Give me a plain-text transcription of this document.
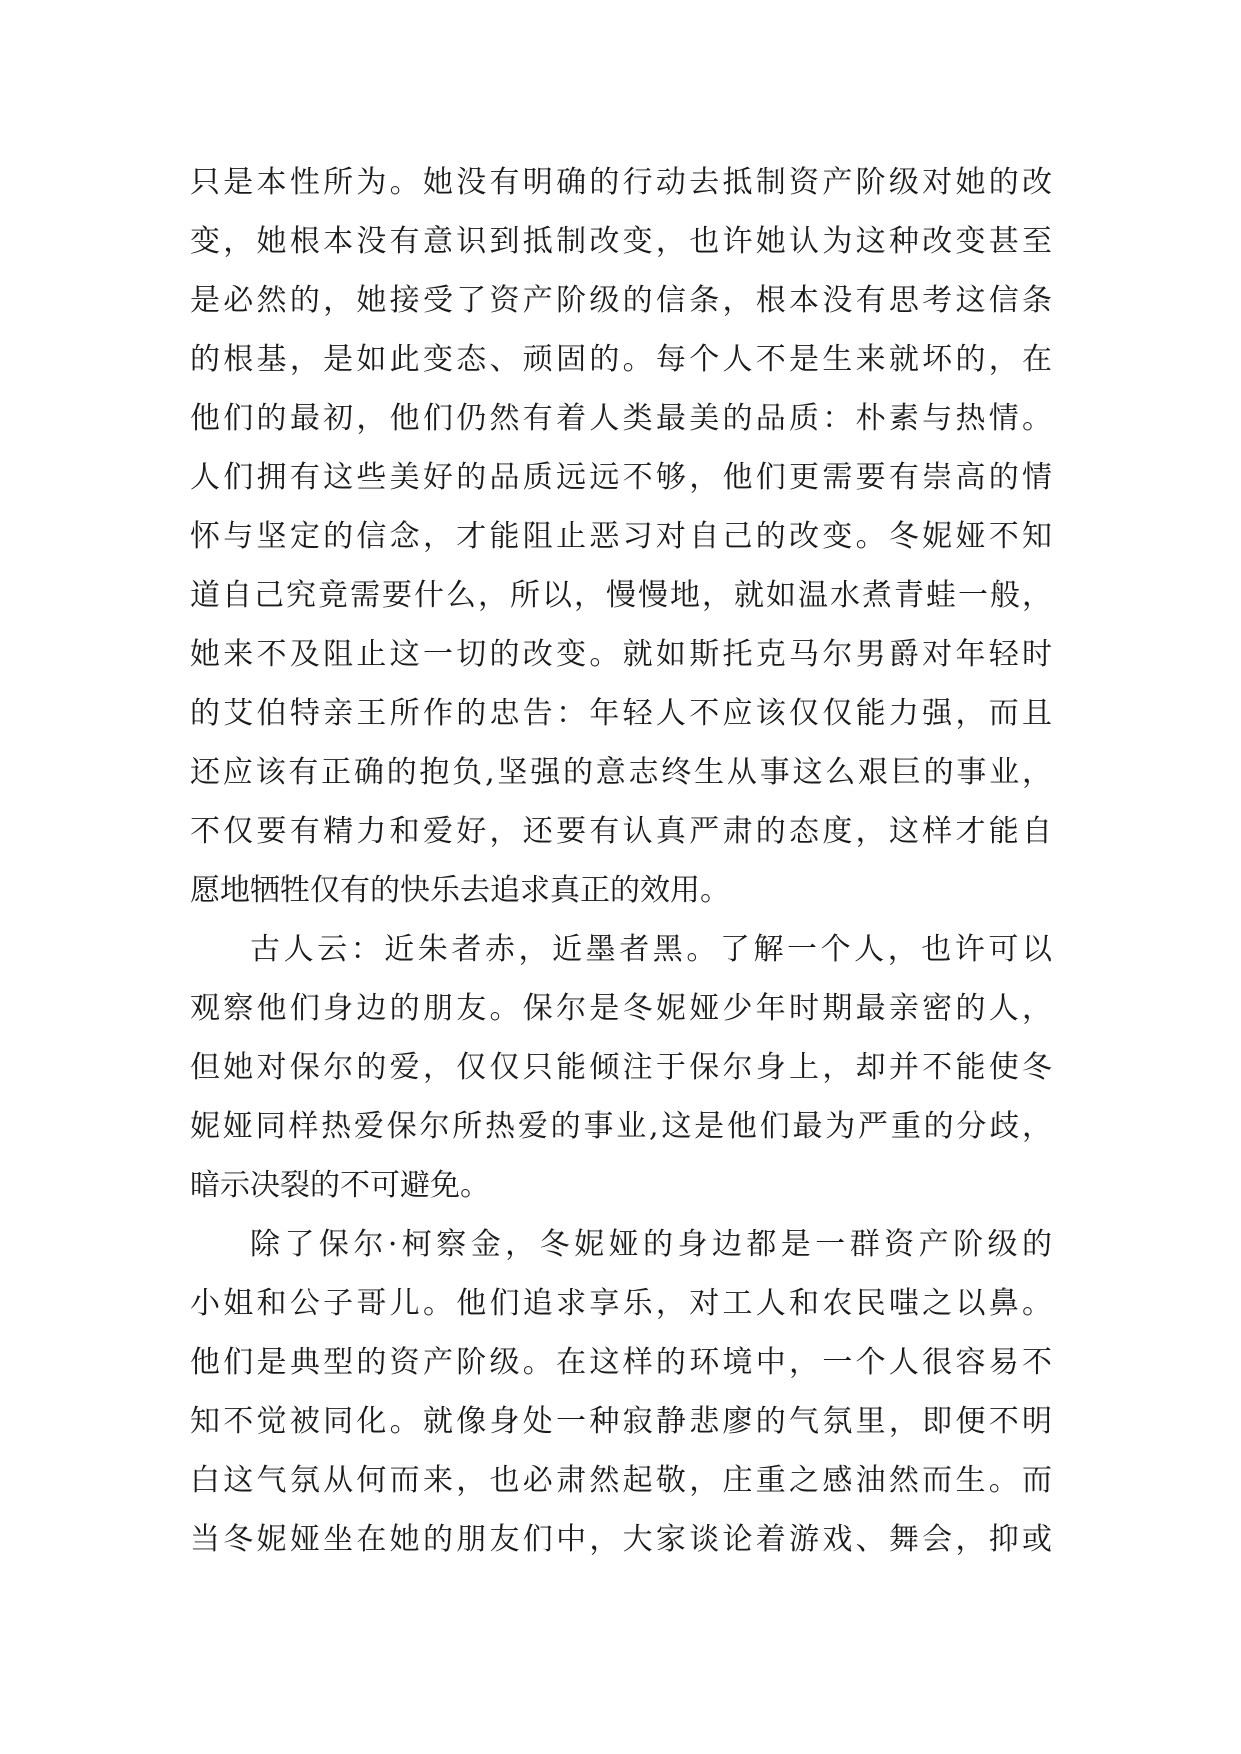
只是本性所为。她没有明确的行动去抵制资产阶级对她的改
变，她根本没有意识到抵制改变，也许她认为这种改变甚至
是必然的，她接受了资产阶级的信条，根本没有思考这信条
的根基，是如此变态、顽固的。每个人不是生来就坏的，在
他们的最初，他们仍然有着人类最美的品质：朴素与热情。
人们拥有这些美好的品质远远不够，他们更需要有崇高的情
怀与坚定的信念，才能阻止恶习对自己的改变。冬妮娅不知
道自己究竟需要什么，所以，慢慢地，就如温水煮青蛙一般，
她来不及阻止这一切的改变。就如斯托克马尔男爵对年轻时
的艾伯特亲王所作的忠告：年轻人不应该仅仅能力强，而且
还应该有正确的抱负,坚强的意志终生从事这么艰巨的事业，
不仅要有精力和爱好，还要有认真严肃的态度，这样才能自
愿地牺牲仅有的快乐去追求真正的效用。
古人云：近朱者赤，近墨者黑。了解一个人，也许可以
观察他们身边的朋友。保尔是冬妮娅少年时期最亲密的人，
但她对保尔的爱，仅仅只能倾注于保尔身上，却并不能使冬
妮娅同样热爱保尔所热爱的事业,这是他们最为严重的分歧，
暗示决裂的不可避免。
除了保尔·柯察金，冬妮娅的身边都是一群资产阶级的
小姐和公子哥儿。他们追求享乐，对工人和农民嗤之以鼻。
他们是典型的资产阶级。在这样的环境中，一个人很容易不
知不觉被同化。就像身处一种寂静悲廖的气氛里，即便不明
白这气氛从何而来，也必肃然起敬，庄重之感油然而生。而
当冬妮娅坐在她的朋友们中，大家谈论着游戏、舞会，抑或
